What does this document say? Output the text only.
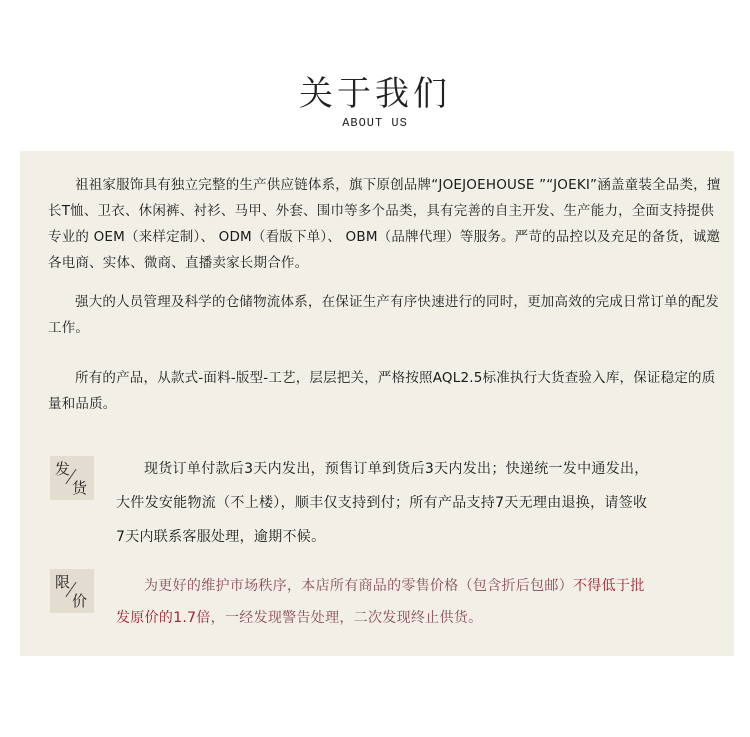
关于我们
ABOUT US

祖祖家服饰具有独立完整的生产供应链体系，旗下原创品牌“JOEJOEHOUSE ”“JOEKI”涵盖童装全品类，擅长T恤、卫衣、休闲裤、衬衫、马甲、外套、围巾等多个品类，具有完善的自主开发、生产能力，全面支持提供专业的 OEM（来样定制）、 ODM（看版下单）、 OBM（品牌代理）等服务。严苛的品控以及充足的备货，诚邀各电商、实体、微商、直播卖家长期合作。

强大的人员管理及科学的仓储物流体系，在保证生产有序快速进行的同时，更加高效的完成日常订单的配发工作。

所有的产品，从款式-面料-版型-工艺，层层把关，严格按照AQL2.5标准执行大货查验入库，保证稳定的质量和品质。

发
货

现货订单付款后3天内发出，预售订单到货后3天内发出；快递统一发中通发出，大件发安能物流（不上楼），顺丰仅支持到付；所有产品支持7天无理由退换，请签收7天内联系客服处理，逾期不候。

限
价

为更好的维护市场秩序，本店所有商品的零售价格（包含折后包邮）不得低于批发原价的1.7倍，一经发现警告处理，二次发现终止供货。
